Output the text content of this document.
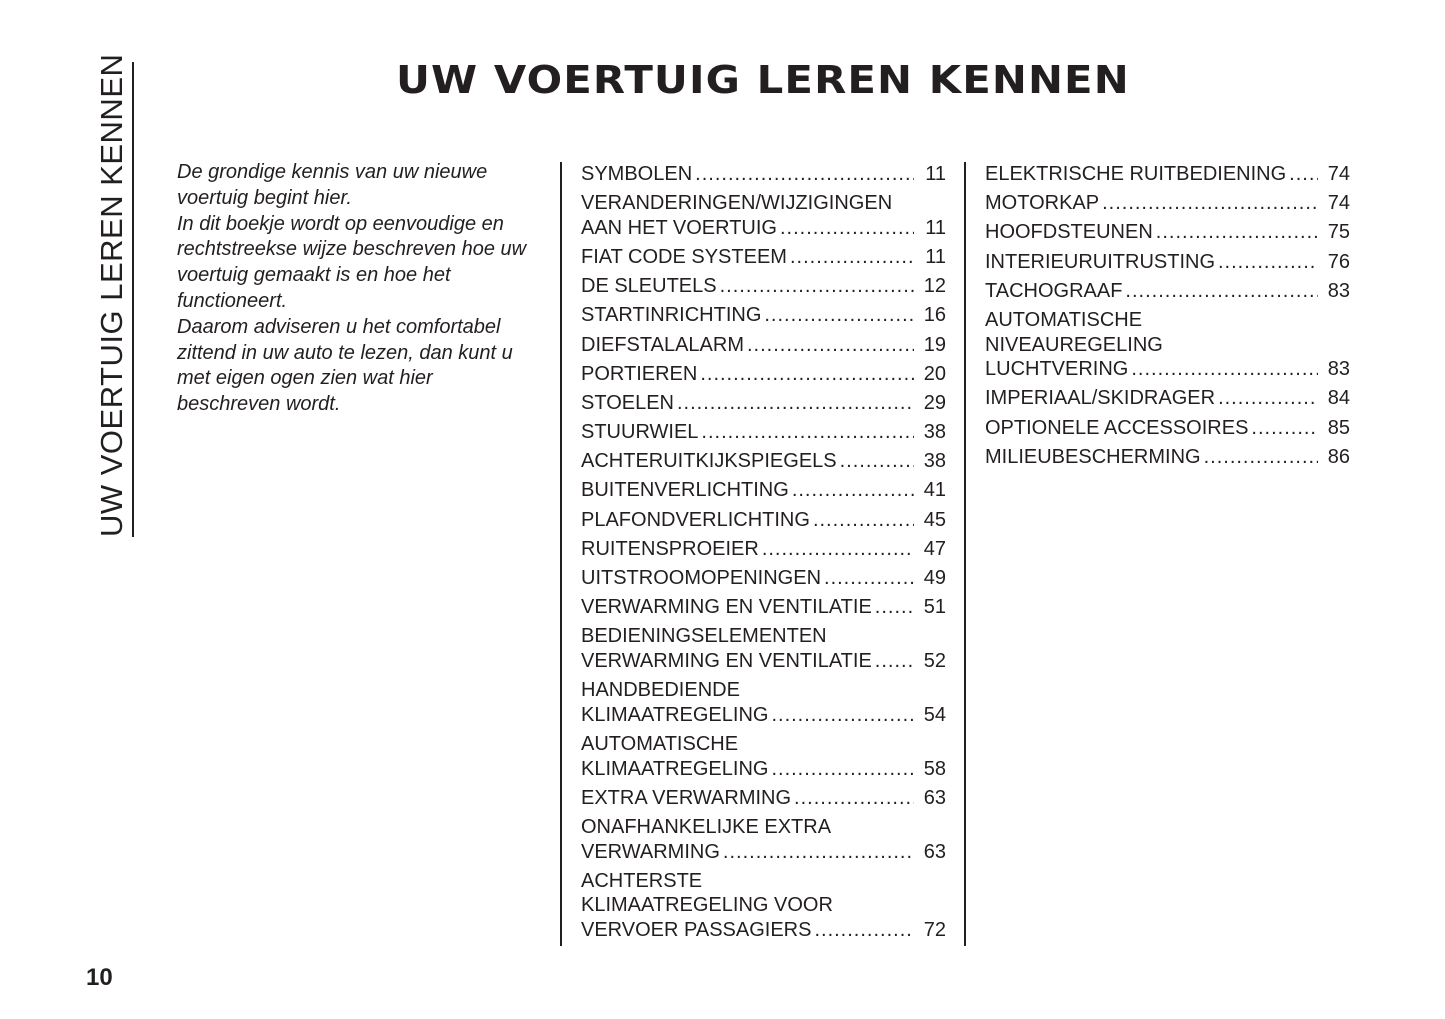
UW VOERTUIG LEREN KENNEN	UW VOERTUIG LEREN KENNEN

De grondige kennis van uw nieuwe voertuig begint hier.

In dit boekje wordt op eenvoudige en rechtstreekse wijze beschreven hoe uw voertuig gemaakt is en hoe het functioneert.

Daarom adviseren u het comfortabel zittend in uw auto te lezen, dan kunt u met eigen ogen zien wat hier beschreven wordt.

SYMBOLEN .....	11
VERANDERINGEN/WIJZIGINGEN
AAN HET VOERTUIG .....	11
FIAT CODE SYSTEEM .....	11
DE SLEUTELS .....	12
STARTINRICHTING .....	16
DIEFSTALALARM .....	19
PORTIEREN .....	20
STOELEN .....	29
STUURWIEL .....	38
ACHTERUITKIJKSPIEGELS .....	38
BUITENVERLICHTING .....	41
PLAFONDVERLICHTING .....	45
RUITENSPROEIER .....	47
UITSTROOMOPENINGEN .....	49
VERWARMING EN VENTILATIE .....	51
BEDIENINGSELEMENTEN
VERWARMING EN VENTILATIE .....	52
HANDBEDIENDE
KLIMAATREGELING .....	54
AUTOMATISCHE
KLIMAATREGELING .....	58
EXTRA VERWARMING .....	63
ONAFHANKELIJKE EXTRA
VERWARMING .....	63
ACHTERSTE
KLIMAATREGELING VOOR
VERVOER PASSAGIERS .....	72
ELEKTRISCHE RUITBEDIENING ..... 74
MOTORKAP .....	74
HOOFDSTEUNEN .....	75
INTERIEURUITRUSTING .....	76
TACHOGRAAF .....	83
AUTOMATISCHE
NIVEAUREGELING
LUCHTVERING .....	83
IMPERIAAL/SKIDRAGER .....	84
OPTIONELE ACCESSOIRES .....	85
MILIEUBESCHERMING .....	86
10
